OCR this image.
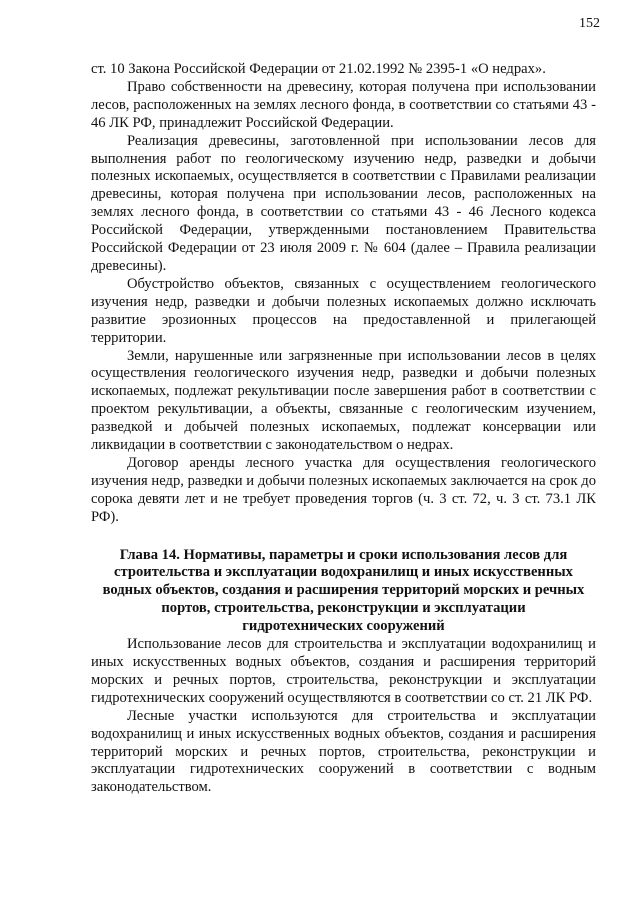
152

ст. 10 Закона Российской Федерации от 21.02.1992 № 2395-1 «О недрах».

Право собственности на древесину, которая получена при использовании лесов, расположенных на землях лесного фонда, в соответствии со статьями 43 - 46 ЛК РФ, принадлежит Российской Федерации.

Реализация древесины, заготовленной при использовании лесов для выполнения работ по геологическому изучению недр, разведки и добычи полезных ископаемых, осуществляется в соответствии с Правилами реализации древесины, которая получена при использовании лесов, расположенных на землях лесного фонда, в соответствии со статьями 43 - 46 Лесного кодекса Российской Федерации, утвержденными постановлением Правительства Российской Федерации от 23 июля 2009 г. № 604 (далее – Правила реализации древесины).

Обустройство объектов, связанных с осуществлением геологического изучения недр, разведки и добычи полезных ископаемых должно исключать развитие эрозионных процессов на предоставленной и прилегающей территории.

Земли, нарушенные или загрязненные при использовании лесов в целях осуществления геологического изучения недр, разведки и добычи полезных ископаемых, подлежат рекультивации после завершения работ в соответствии с проектом рекультивации, а объекты, связанные с геологическим изучением, разведкой и добычей полезных ископаемых, подлежат консервации или ликвидации в соответствии с законодательством о недрах.

Договор аренды лесного участка для осуществления геологического изучения недр, разведки и добычи полезных ископаемых заключается на срок до сорока девяти лет и не требует проведения торгов (ч. 3 ст. 72, ч. 3 ст. 73.1 ЛК РФ).

Глава 14. Нормативы, параметры и сроки использования лесов для строительства и эксплуатации водохранилищ и иных искусственных водных объектов, создания и расширения территорий морских и речных портов, строительства, реконструкции и эксплуатации гидротехнических сооружений

Использование лесов для строительства и эксплуатации водохранилищ и иных искусственных водных объектов, создания и расширения территорий морских и речных портов, строительства, реконструкции и эксплуатации гидротехнических сооружений осуществляются в соответствии со ст. 21 ЛК РФ.

Лесные участки используются для строительства и эксплуатации водохранилищ и иных искусственных водных объектов, создания и расширения территорий морских и речных портов, строительства, реконструкции и эксплуатации гидротехнических сооружений в соответствии с водным законодательством.
